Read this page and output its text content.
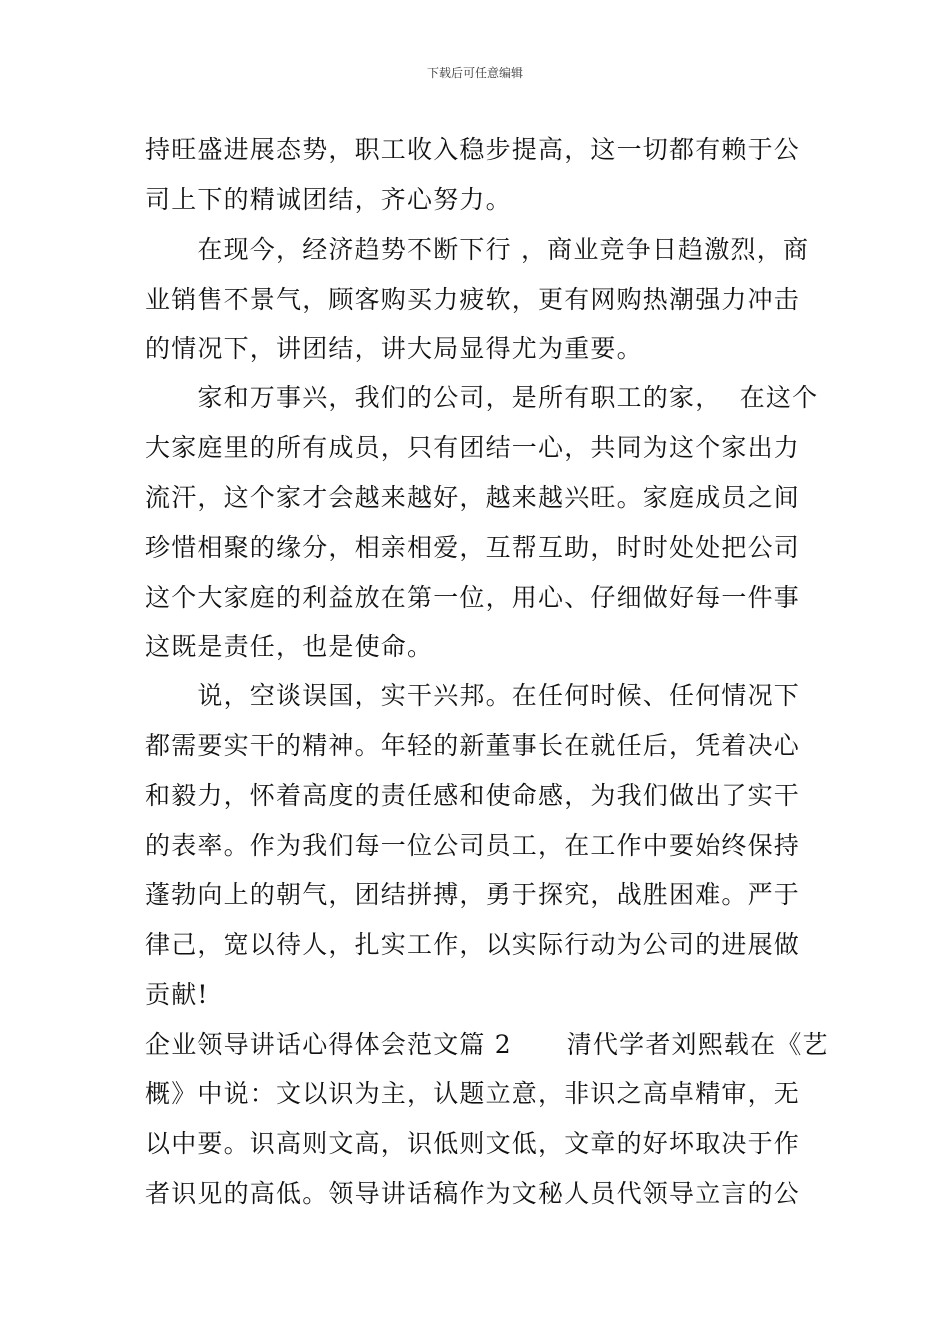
下载后可任意编辑
持旺盛进展态势，职工收入稳步提高，这一切都有赖于公
司上下的精诚团结，齐心努力。
　　在现今，经济趋势不断下行 ，商业竞争日趋激烈，商
业销售不景气，顾客购买力疲软，更有网购热潮强力冲击
的情况下，讲团结，讲大局显得尤为重要。
　　家和万事兴，我们的公司，是所有职工的家，  在这个
大家庭里的所有成员，只有团结一心，共同为这个家出力
流汗，这个家才会越来越好，越来越兴旺。家庭成员之间
珍惜相聚的缘分，相亲相爱，互帮互助，时时处处把公司
这个大家庭的利益放在第一位，用心、仔细做好每一件事
这既是责任，也是使命。
　　说，空谈误国，实干兴邦。在任何时候、任何情况下
都需要实干的精神。年轻的新董事长在就任后，凭着决心
和毅力，怀着高度的责任感和使命感，为我们做出了实干
的表率。作为我们每一位公司员工，在工作中要始终保持
蓬勃向上的朝气，团结拼搏，勇于探究，战胜困难。严于
律己，宽以待人，扎实工作，以实际行动为公司的进展做
贡献!
企业领导讲话心得体会范文篇 2      清代学者刘熙载在《艺
概》中说：文以识为主，认题立意，非识之高卓精审，无
以中要。识高则文高，识低则文低，文章的好坏取决于作
者识见的高低。领导讲话稿作为文秘人员代领导立言的公
